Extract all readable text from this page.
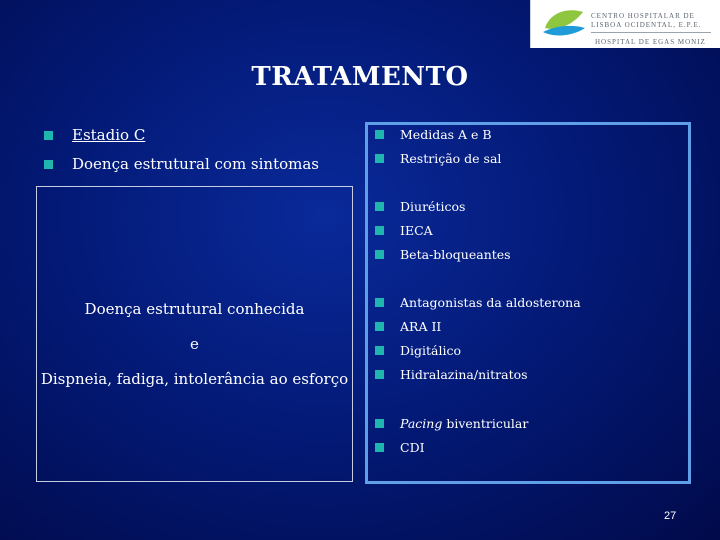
CENTRO HOSPITALAR DE
LISBOA OCIDENTAL, E.P.E.
HOSPITAL DE EGAS MONIZ
TRATAMENTO
Estadio C
Doença estrutural com sintomas
Doença estrutural conhecida
e
Dispneia, fadiga, intolerância ao esforço
Medidas A e B
Restrição de sal
Diuréticos
IECA
Beta-bloqueantes
Antagonistas da aldosterona
ARA II
Digitálico
Hidralazina/nitratos
Pacing biventricular
CDI
27
